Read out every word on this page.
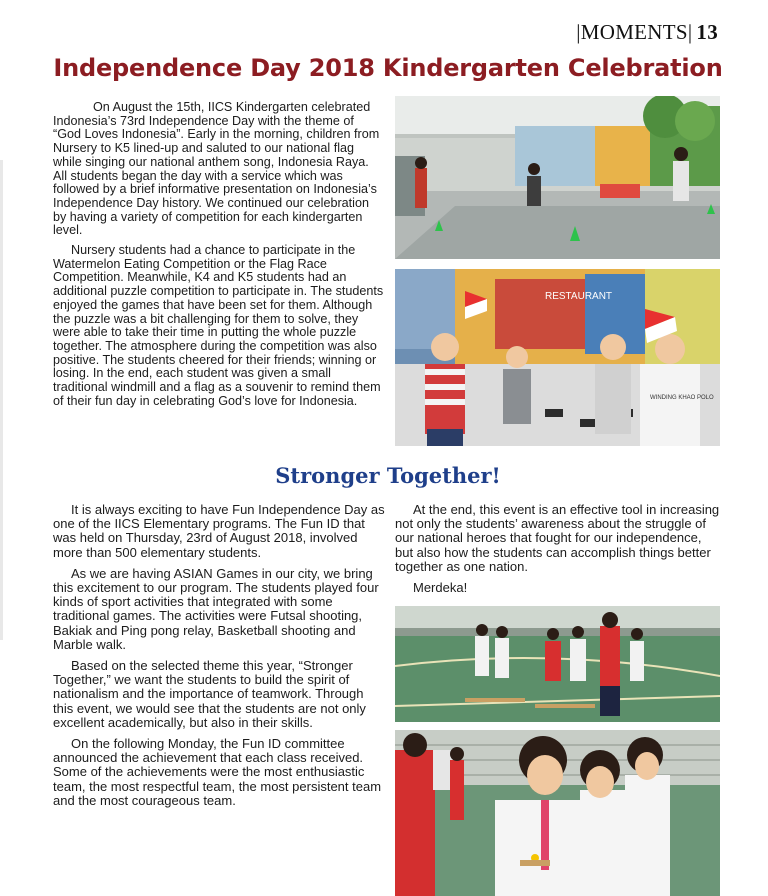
|MOMENTS| 13
Independence Day 2018 Kindergarten Celebration

On August the 15th, IICS Kindergarten celebrated Indonesia’s 73rd Independence Day with the theme of “God Loves Indonesia”. Early in the morning, children from Nursery to K5 lined-up and saluted to our national flag while singing our national anthem song, Indonesia Raya. All students began the day with a service which was followed by a brief informative presentation on Indonesia’s Independence Day history. We continued our celebration by having a variety of competition for each kindergarten level.

Nursery students had a chance to participate in the Watermelon Eating Competition or the Flag Race Competition. Meanwhile, K4 and K5 students had an additional puzzle competition to participate in. The students enjoyed the games that have been set for them. Although the puzzle was a bit challenging for them to solve, they were able to take their time in putting the whole puzzle together. The atmosphere during the competition was also positive. The students cheered for their friends; winning or losing. In the end, each student was given a small traditional windmill and a flag as a souvenir to remind them of their fun day in celebrating God’s love for Indonesia.

RESTAURANT
WINDING KHAO POLO
Stronger Together!

It is always exciting to have Fun Independence Day as one of the IICS Elementary programs. The Fun ID that was held on Thursday, 23rd of August 2018, involved more than 500 elementary students.

As we are having ASIAN Games in our city, we bring this excitement to our program. The students played four kinds of sport activities that integrated with some traditional games. The activities were Futsal shooting, Bakiak and Ping pong relay, Basketball shooting and Marble walk.

Based on the selected theme this year, “Stronger Together,” we want the students to build the spirit of nationalism and the importance of teamwork. Through this event, we would see that the students are not only excellent academically, but also in their skills.

On the following Monday, the Fun ID committee announced the achievement that each class received. Some of the achievements were the most enthusiastic team, the most respectful team, the most persistent team and the most courageous team.

At the end, this event is an effective tool in increasing not only the students’ awareness about the struggle of our national heroes that fought for our independence, but also how the students can accomplish things better together as one nation.

Merdeka!
